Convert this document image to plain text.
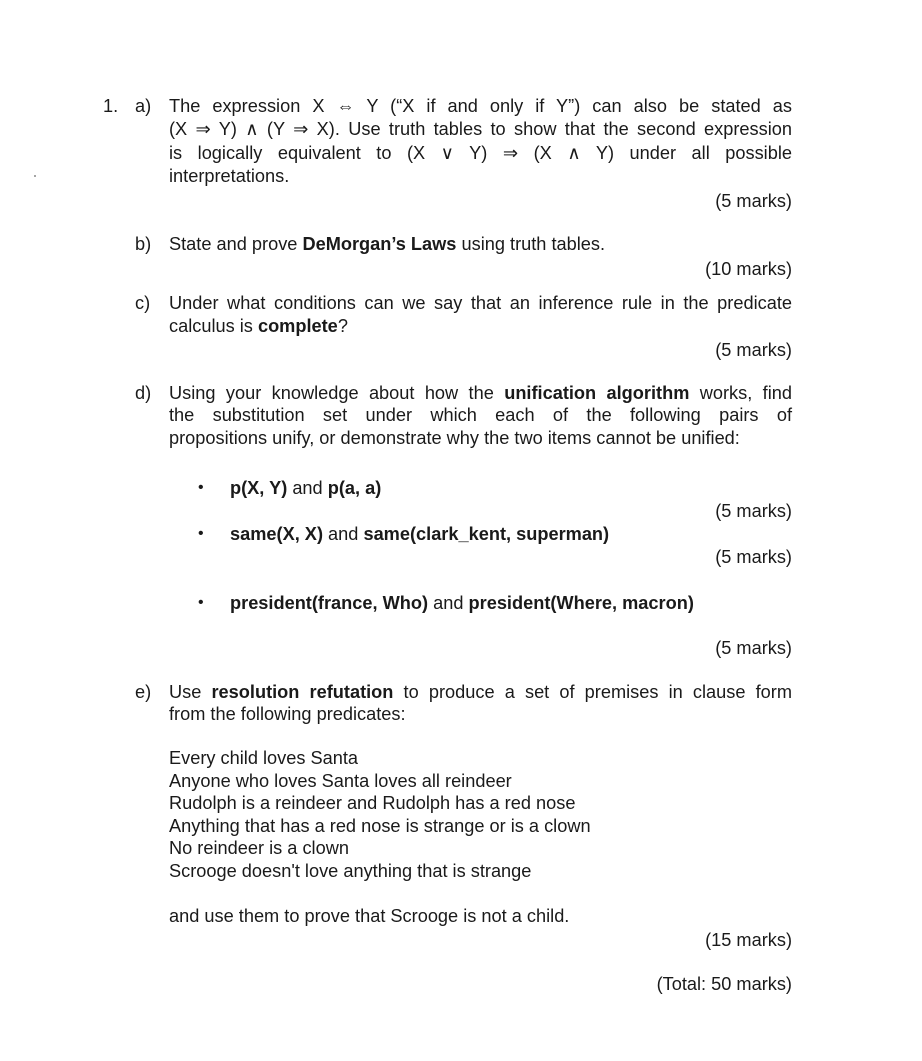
1. a) The expression X ⇔ Y (“X if and only if Y”) can also be stated as
(X ⇒ Y) ∧ (Y ⇒ X). Use truth tables to show that the second expression
is logically equivalent to (X ∨ Y) ⇒ (X ∧ Y) under all possible
interpretations.
(5 marks)
b) State and prove DeMorgan’s Laws using truth tables.
(10 marks)
c) Under what conditions can we say that an inference rule in the predicate
calculus is complete?
(5 marks)
d) Using your knowledge about how the unification algorithm works, find
the substitution set under which each of the following pairs of
propositions unify, or demonstrate why the two items cannot be unified:
• p(X, Y) and p(a, a)
(5 marks)
• same(X, X) and same(clark_kent, superman)
(5 marks)
• president(france, Who) and president(Where, macron)
(5 marks)
e) Use resolution refutation to produce a set of premises in clause form
from the following predicates:
Every child loves Santa
Anyone who loves Santa loves all reindeer
Rudolph is a reindeer and Rudolph has a red nose
Anything that has a red nose is strange or is a clown
No reindeer is a clown
Scrooge doesn't love anything that is strange
and use them to prove that Scrooge is not a child.
(15 marks)
(Total: 50 marks)
